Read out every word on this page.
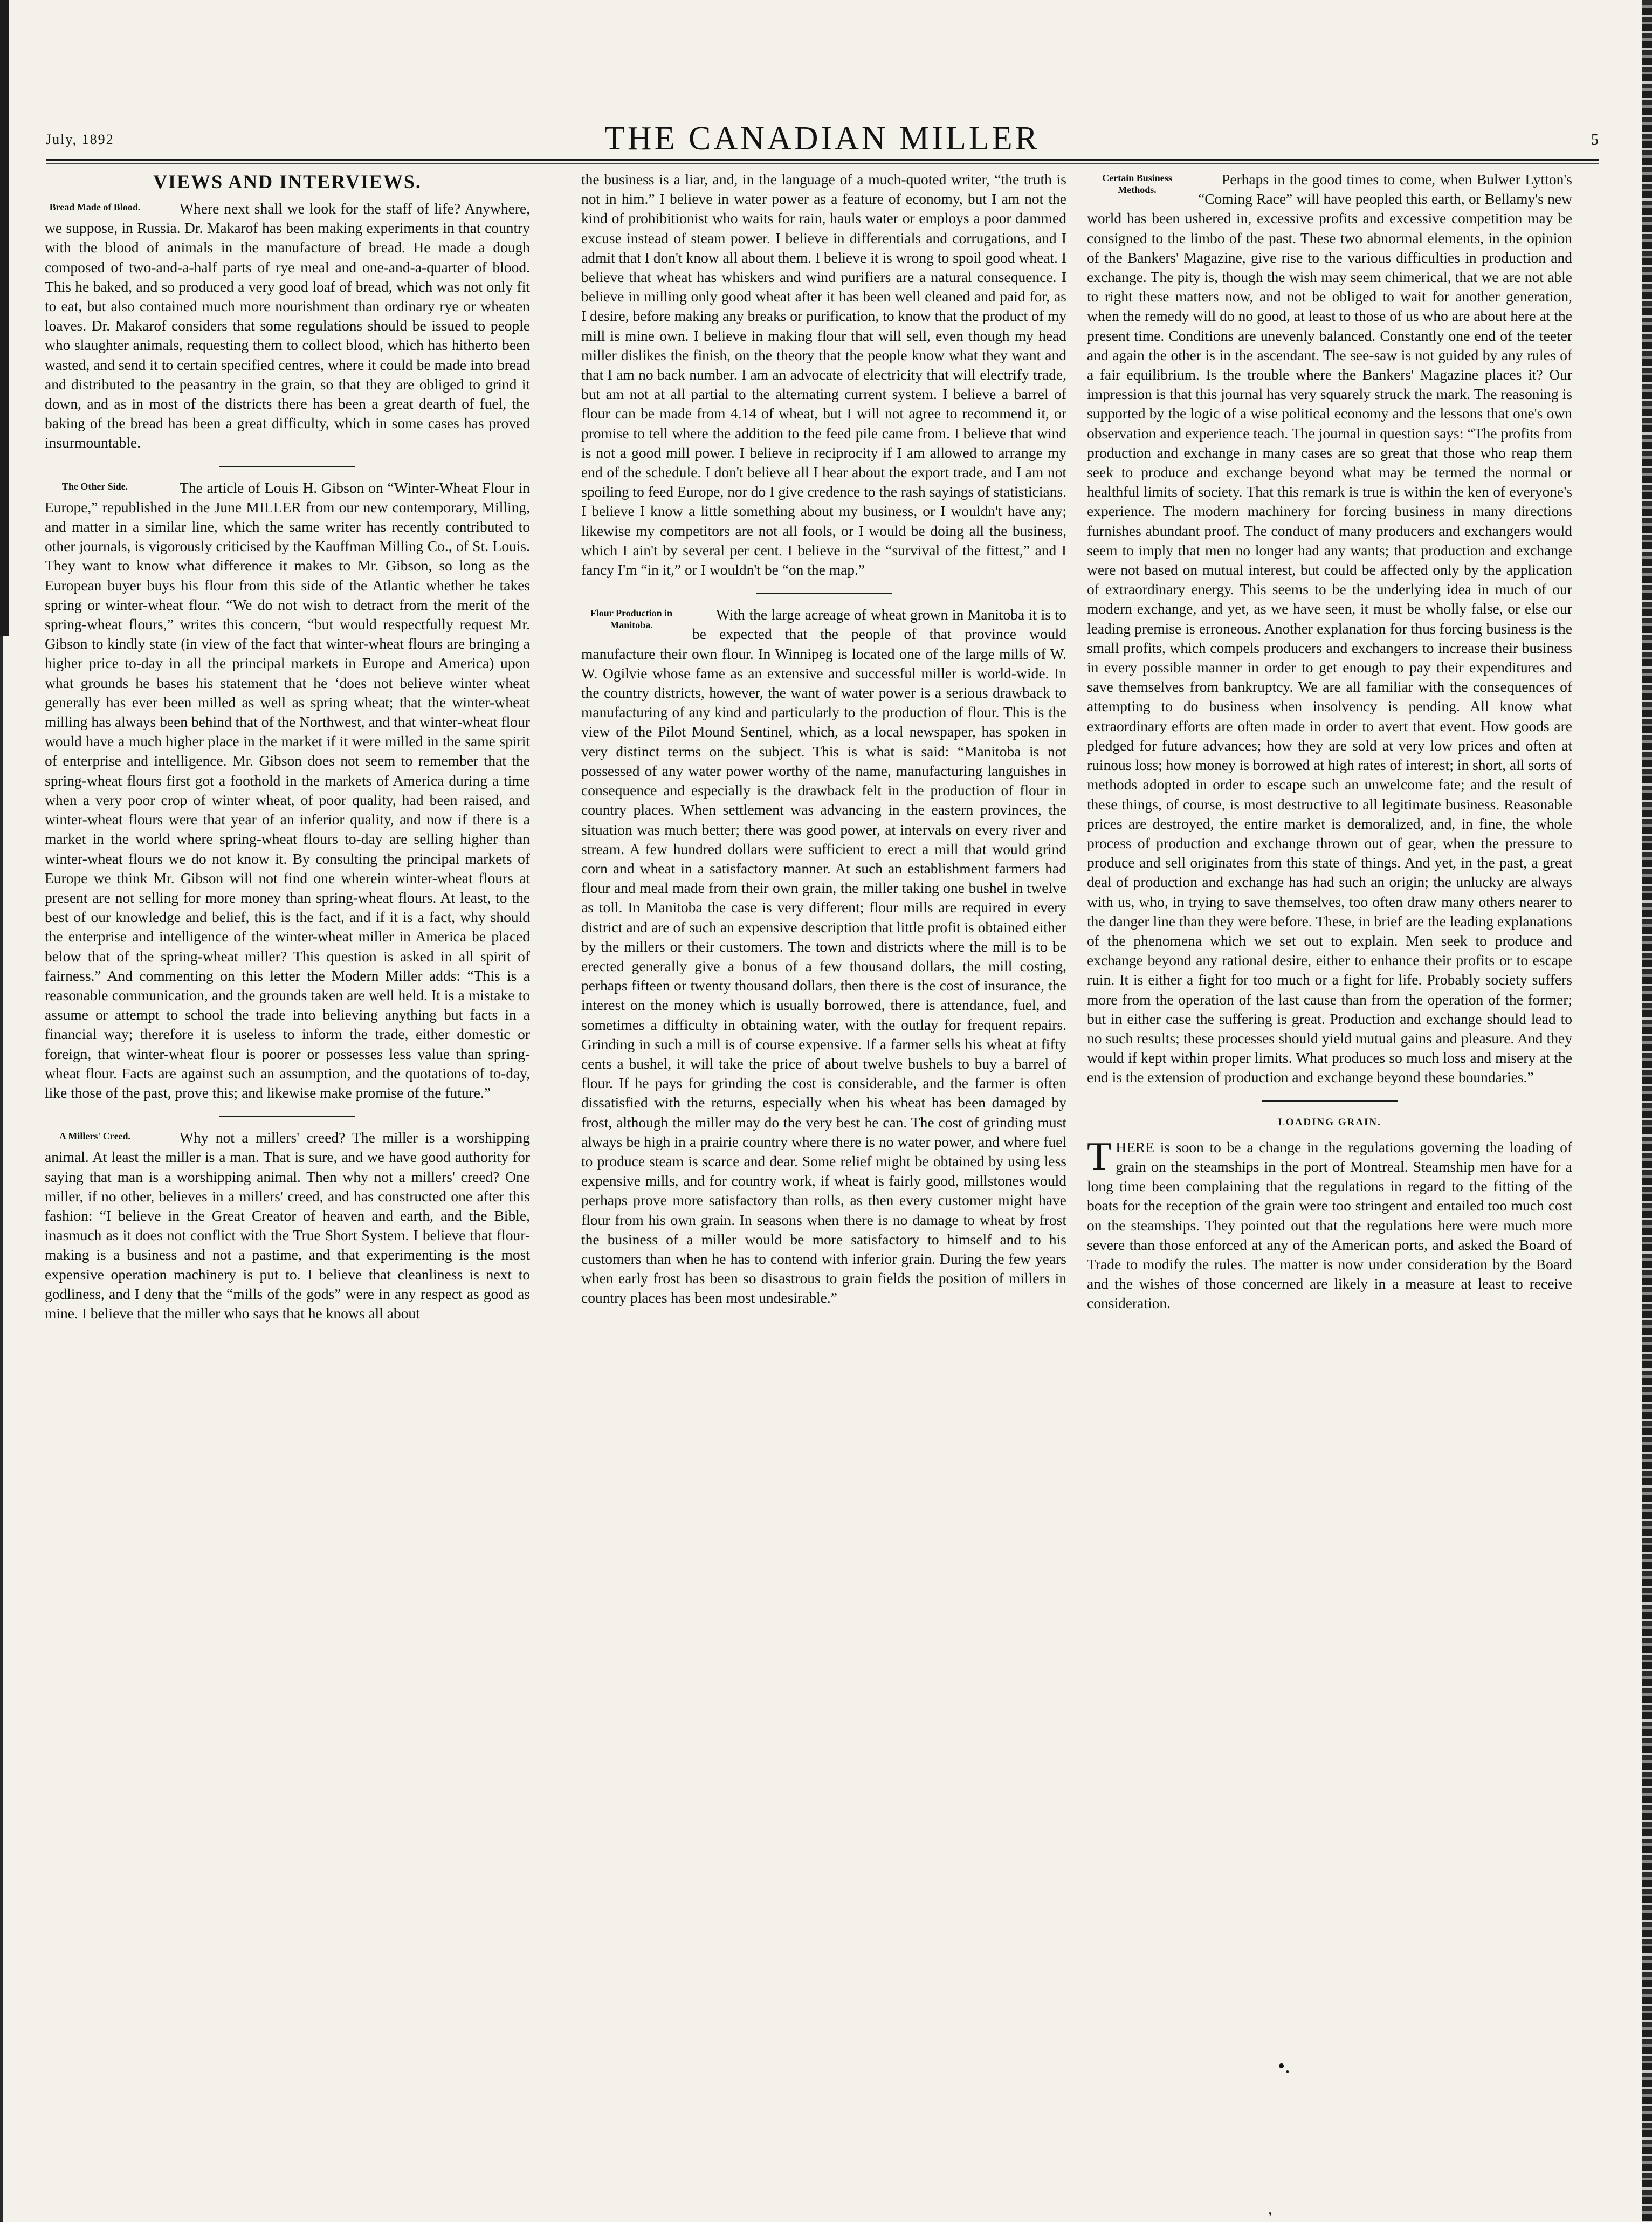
July, 1892	THE CANADIAN MILLER	5
VIEWS AND INTERVIEWS.
Bread Made of Blood.	Where next shall we look for the staff of life? Anywhere, we suppose, in Russia. Dr. Makarof has been making experiments in that country with the blood of animals in the manufacture of bread. He made a dough composed of two-and-a-half parts of rye meal and one-and-a-quarter of blood. This he baked, and so produced a very good loaf of bread, which was not only fit to eat, but also contained much more nourishment than ordinary rye or wheaten loaves. Dr. Makarof considers that some regulations should be issued to people who slaughter animals, requesting them to collect blood, which has hitherto been wasted, and send it to certain specified centres, where it could be made into bread and distributed to the peasantry in the grain, so that they are obliged to grind it down, and as in most of the districts there has been a great dearth of fuel, the baking of the bread has been a great difficulty, which in some cases has proved insurmountable.

The Other Side.	The article of Louis H. Gibson on “Winter-Wheat Flour in Europe,” republished in the June MILLER from our new contemporary, Milling, and matter in a similar line, which the same writer has recently contributed to other journals, is vigorously criticised by the Kauffman Milling Co., of St. Louis. They want to know what difference it makes to Mr. Gibson, so long as the European buyer buys his flour from this side of the Atlantic whether he takes spring or winter-wheat flour. “We do not wish to detract from the merit of the spring-wheat flours,” writes this concern, “but would respectfully request Mr. Gibson to kindly state (in view of the fact that winter-wheat flours are bringing a higher price to-day in all the principal markets in Europe and America) upon what grounds he bases his statement that he ‘does not believe winter wheat generally has ever been milled as well as spring wheat; that the winter-wheat milling has always been behind that of the Northwest, and that winter-wheat flour would have a much higher place in the market if it were milled in the same spirit of enterprise and intelligence. Mr. Gibson does not seem to remember that the spring-wheat flours first got a foothold in the markets of America during a time when a very poor crop of winter wheat, of poor quality, had been raised, and winter-wheat flours were that year of an inferior quality, and now if there is a market in the world where spring-wheat flours to-day are selling higher than winter-wheat flours we do not know it. By consulting the principal markets of Europe we think Mr. Gibson will not find one wherein winter-wheat flours at present are not selling for more money than spring-wheat flours. At least, to the best of our knowledge and belief, this is the fact, and if it is a fact, why should the enterprise and intelligence of the winter-wheat miller in America be placed below that of the spring-wheat miller? This question is asked in all spirit of fairness.” And commenting on this letter the Modern Miller adds: “This is a reasonable communication, and the grounds taken are well held. It is a mistake to assume or attempt to school the trade into believing anything but facts in a financial way; therefore it is useless to inform the trade, either domestic or foreign, that winter-wheat flour is poorer or possesses less value than spring-wheat flour. Facts are against such an assumption, and the quotations of to-day, like those of the past, prove this; and likewise make promise of the future.”

A Millers' Creed.	Why not a millers' creed? The miller is a worshipping animal. At least the miller is a man. That is sure, and we have good authority for saying that man is a worshipping animal. Then why not a millers' creed? One miller, if no other, believes in a millers' creed, and has constructed one after this fashion: “I believe in the Great Creator of heaven and earth, and the Bible, inasmuch as it does not conflict with the True Short System. I believe that flour-making is a business and not a pastime, and that experimenting is the most expensive operation machinery is put to. I believe that cleanliness is next to godliness, and I deny that the “mills of the gods” were in any respect as good as mine. I believe that the miller who says that he knows all about

the business is a liar, and, in the language of a much-quoted writer, “the truth is not in him.” I believe in water power as a feature of economy, but I am not the kind of prohibitionist who waits for rain, hauls water or employs a poor dammed excuse instead of steam power. I believe in differentials and corrugations, and I admit that I don't know all about them. I believe it is wrong to spoil good wheat. I believe that wheat has whiskers and wind purifiers are a natural consequence. I believe in milling only good wheat after it has been well cleaned and paid for, as I desire, before making any breaks or purification, to know that the product of my mill is mine own. I believe in making flour that will sell, even though my head miller dislikes the finish, on the theory that the people know what they want and that I am no back number. I am an advocate of electricity that will electrify trade, but am not at all partial to the alternating current system. I believe a barrel of flour can be made from 4.14 of wheat, but I will not agree to recommend it, or promise to tell where the addition to the feed pile came from. I believe that wind is not a good mill power. I believe in reciprocity if I am allowed to arrange my end of the schedule. I don't believe all I hear about the export trade, and I am not spoiling to feed Europe, nor do I give credence to the rash sayings of statisticians. I believe I know a little something about my business, or I wouldn't have any; likewise my competitors are not all fools, or I would be doing all the business, which I ain't by several per cent. I believe in the “survival of the fittest,” and I fancy I'm “in it,” or I wouldn't be “on the map.”

Flour Production in Manitoba.

With the large acreage of wheat grown in Manitoba it is to be expected that the people of that province would manufacture their own flour. In Winnipeg is located one of the large mills of W. W. Ogilvie whose fame as an extensive and successful miller is world-wide. In the country districts, however, the want of water power is a serious drawback to manufacturing of any kind and particularly to the production of flour. This is the view of the Pilot Mound Sentinel, which, as a local newspaper, has spoken in very distinct terms on the subject. This is what is said: “Manitoba is not possessed of any water power worthy of the name, manufacturing languishes in consequence and especially is the drawback felt in the production of flour in country places. When settlement was advancing in the eastern provinces, the situation was much better; there was good power, at intervals on every river and stream. A few hundred dollars were sufficient to erect a mill that would grind corn and wheat in a satisfactory manner. At such an establishment farmers had flour and meal made from their own grain, the miller taking one bushel in twelve as toll. In Manitoba the case is very different; flour mills are required in every district and are of such an expensive description that little profit is obtained either by the millers or their customers. The town and districts where the mill is to be erected generally give a bonus of a few thousand dollars, the mill costing, perhaps fifteen or twenty thousand dollars, then there is the cost of insurance, the interest on the money which is usually borrowed, there is attendance, fuel, and sometimes a difficulty in obtaining water, with the outlay for frequent repairs. Grinding in such a mill is of course expensive. If a farmer sells his wheat at fifty cents a bushel, it will take the price of about twelve bushels to buy a barrel of flour. If he pays for grinding the cost is considerable, and the farmer is often dissatisfied with the returns, especially when his wheat has been damaged by frost, although the miller may do the very best he can. The cost of grinding must always be high in a prairie country where there is no water power, and where fuel to produce steam is scarce and dear. Some relief might be obtained by using less expensive mills, and for country work, if wheat is fairly good, millstones would perhaps prove more satisfactory than rolls, as then every customer might have flour from his own grain. In seasons when there is no damage to wheat by frost the business of a miller would be more satisfactory to himself and to his customers than when he has to contend with inferior grain. During the few years when early frost has been so disastrous to grain fields the position of millers in country places has been most undesirable.”

Certain Business Methods.

Perhaps in the good times to come, when Bulwer Lytton's “Coming Race” will have peopled this earth, or Bellamy's new world has been ushered in, excessive profits and excessive competition may be consigned to the limbo of the past. These two abnormal elements, in the opinion of the Bankers' Magazine, give rise to the various difficulties in production and exchange. The pity is, though the wish may seem chimerical, that we are not able to right these matters now, and not be obliged to wait for another generation, when the remedy will do no good, at least to those of us who are about here at the present time. Conditions are unevenly balanced. Constantly one end of the teeter and again the other is in the ascendant. The see-saw is not guided by any rules of a fair equilibrium. Is the trouble where the Bankers' Magazine places it? Our impression is that this journal has very squarely struck the mark. The reasoning is supported by the logic of a wise political economy and the lessons that one's own observation and experience teach. The journal in question says: “The profits from production and exchange in many cases are so great that those who reap them seek to produce and exchange beyond what may be termed the normal or healthful limits of society. That this remark is true is within the ken of everyone's experience. The modern machinery for forcing business in many directions furnishes abundant proof. The conduct of many producers and exchangers would seem to imply that men no longer had any wants; that production and exchange were not based on mutual interest, but could be affected only by the application of extraordinary energy. This seems to be the underlying idea in much of our modern exchange, and yet, as we have seen, it must be wholly false, or else our leading premise is erroneous. Another explanation for thus forcing business is the small profits, which compels producers and exchangers to increase their business in every possible manner in order to get enough to pay their expenditures and save themselves from bankruptcy. We are all familiar with the consequences of attempting to do business when insolvency is pending. All know what extraordinary efforts are often made in order to avert that event. How goods are pledged for future advances; how they are sold at very low prices and often at ruinous loss; how money is borrowed at high rates of interest; in short, all sorts of methods adopted in order to escape such an unwelcome fate; and the result of these things, of course, is most destructive to all legitimate business. Reasonable prices are destroyed, the entire market is demoralized, and, in fine, the whole process of production and exchange thrown out of gear, when the pressure to produce and sell originates from this state of things. And yet, in the past, a great deal of production and exchange has had such an origin; the unlucky are always with us, who, in trying to save themselves, too often draw many others nearer to the danger line than they were before. These, in brief are the leading explanations of the phenomena which we set out to explain. Men seek to produce and exchange beyond any rational desire, either to enhance their profits or to escape ruin. It is either a fight for too much or a fight for life. Probably society suffers more from the operation of the last cause than from the operation of the former; but in either case the suffering is great. Production and exchange should lead to no such results; these processes should yield mutual gains and pleasure. And they would if kept within proper limits. What produces so much loss and misery at the end is the extension of production and exchange beyond these boundaries.”

LOADING GRAIN.
T HERE is soon to be a change in the regulations governing the loading of grain on the steamships in the port of Montreal. Steamship men have for a long time been complaining that the regulations in regard to the fitting of the boats for the reception of the grain were too stringent and entailed too much cost on the steamships. They pointed out that the regulations here were much more severe than those enforced at any of the American ports, and asked the Board of Trade to modify the rules. The matter is now under consideration by the Board and the wishes of those concerned are likely in a measure at least to receive consideration.

•.
,
